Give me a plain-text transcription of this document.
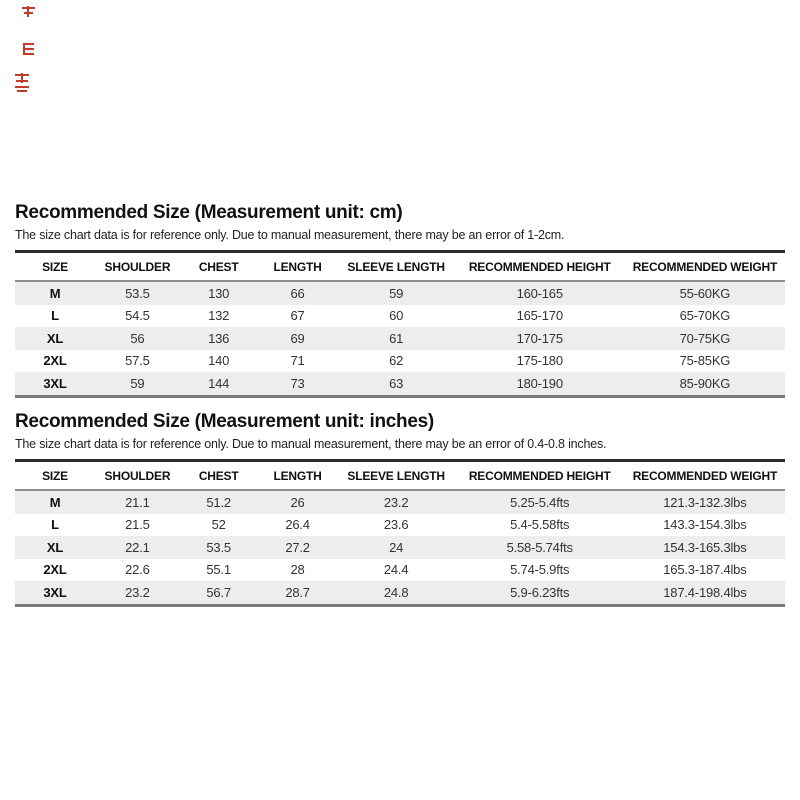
Recommended Size (Measurement unit: cm)

The size chart data is for reference only. Due to manual measurement, there may be an error of 1-2cm.

SIZE	SHOULDER	CHEST	LENGTH	SLEEVE LENGTH	RECOMMENDED HEIGHT	RECOMMENDED WEIGHT
M	53.5	130	66	59	160-165	55-60KG
L	54.5	132	67	60	165-170	65-70KG
XL	56	136	69	61	170-175	70-75KG
2XL	57.5	140	71	62	175-180	75-85KG
3XL	59	144	73	63	180-190	85-90KG
Recommended Size (Measurement unit: inches)

The size chart data is for reference only. Due to manual measurement, there may be an error of 0.4-0.8 inches.

SIZE	SHOULDER	CHEST	LENGTH	SLEEVE LENGTH	RECOMMENDED HEIGHT	RECOMMENDED WEIGHT
M	21.1	51.2	26	23.2	5.25-5.4fts	121.3-132.3lbs
L	21.5	52	26.4	23.6	5.4-5.58fts	143.3-154.3lbs
XL	22.1	53.5	27.2	24	5.58-5.74fts	154.3-165.3lbs
2XL	22.6	55.1	28	24.4	5.74-5.9fts	165.3-187.4lbs
3XL	23.2	56.7	28.7	24.8	5.9-6.23fts	187.4-198.4lbs
